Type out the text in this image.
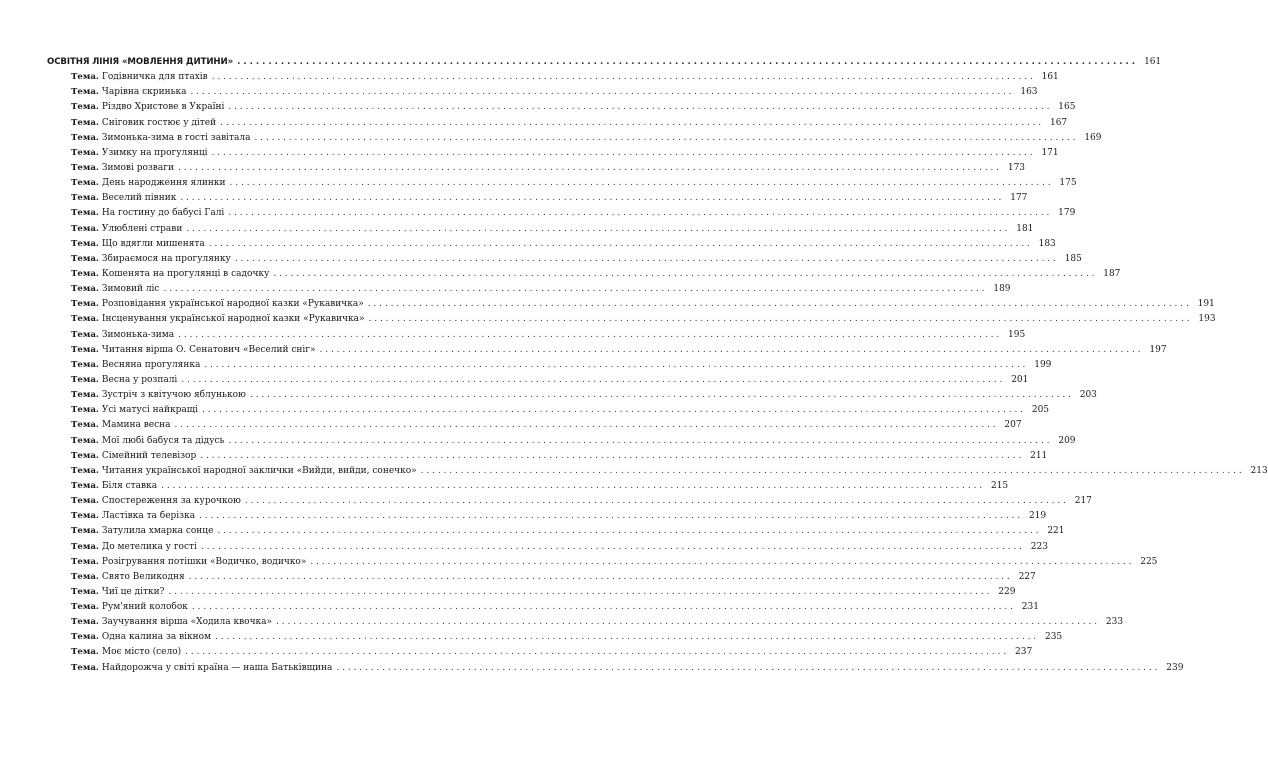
ОСВІТНЯ ЛІНІЯ «МОВЛЕННЯ ДИТИНИ» . . .	161
Тема. Годівничка для птахів . . .	161
Тема. Чарівна скринька . . .	163
Тема. Різдво Христове в Україні . . .	165
Тема. Сніговик гостює у дітей . . .	167
Тема. Зимонька-зима в гості завітала . . .	169
Тема. Узимку на прогулянці . . .	171
Тема. Зимові розваги . . .	173
Тема. День народження ялинки . . .	175
Тема. Веселий півник . . .	177
Тема. На гостину до бабусі Галі . . .	179
Тема. Улюблені страви . . .	181
Тема. Що вдягли мишенята . . .	183
Тема. Збираємося на прогулянку . . .	185
Тема. Кошенята на прогулянці в садочку . . .	187
Тема. Зимовий ліс . . .	189
Тема. Розповідання української народної казки «Рукавичка» . . .	191
Тема. Інсценування української народної казки «Рукавичка» . . .	193
Тема. Зимонька-зима . . .	195
Тема. Читання вірша О. Сенатович «Веселий сніг» . . .	197
Тема. Весняна прогулянка . . .	199
Тема. Весна у розпалі . . .	201
Тема. Зустріч з квітучою яблунькою . . .	203
Тема. Усі матусі найкращі . . .	205
Тема. Мамина весна . . .	207
Тема. Мої любі бабуся та дідусь . . .	209
Тема. Сімейний телевізор . . .	211
Тема. Читання української народної заклички «Вийди, вийди, сонечко» . . .	213
Тема. Біля ставка . . .	215
Тема. Спостереження за курочкою . . .	217
Тема. Ластівка та берізка . . .	219
Тема. Затулила хмарка сонце . . .	221
Тема. До метелика у гості . . .	223
Тема. Розігрування потішки «Водичко, водичко» . . .	225
Тема. Свято Великодня . . .	227
Тема. Чиї це дітки? . . .	229
Тема. Рум'яний колобок . . .	231
Тема. Заучування вірша «Ходила квочка» . . .	233
Тема. Одна калина за вікном . . .	235
Тема. Моє місто (село) . . .	237
Тема. Найдорожча у світі країна — наша Батьківщина . . .	239
